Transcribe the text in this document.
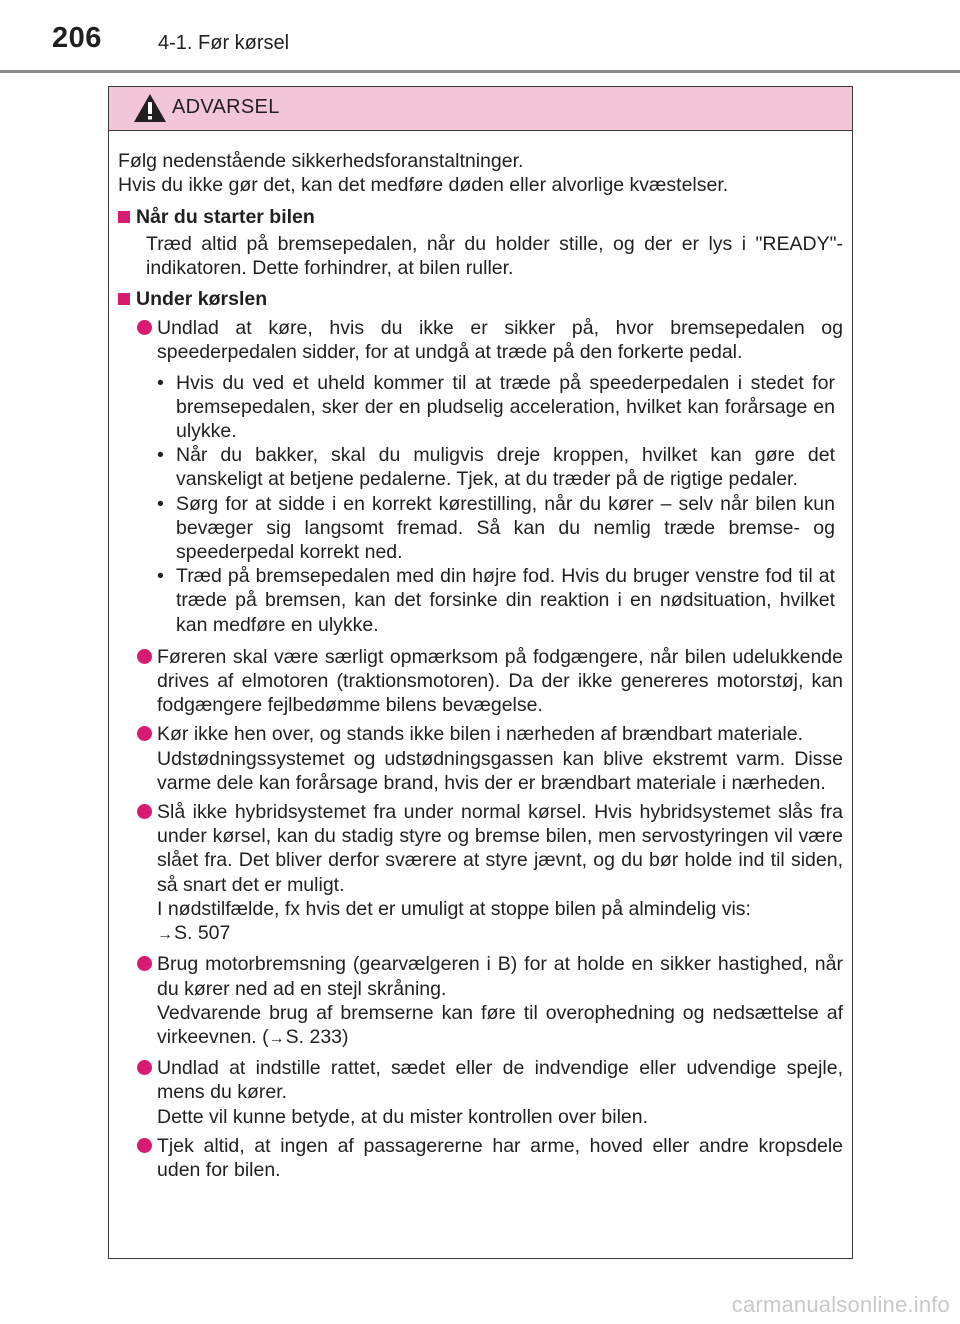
206	4-1. Før kørsel
ADVARSEL

Følg nedenstående sikkerhedsforanstaltninger.

Hvis du ikke gør det, kan det medføre døden eller alvorlige kvæstelser.

Når du starter bilen

Træd altid på bremsepedalen, når du holder stille, og der er lys i "READY"-indikatoren. Dette forhindrer, at bilen ruller.

Under kørslen

Undlad at køre, hvis du ikke er sikker på, hvor bremsepedalen og speederpedalen sidder, for at undgå at træde på den forkerte pedal.

• Hvis du ved et uheld kommer til at træde på speederpedalen i stedet for bremsepedalen, sker der en pludselig acceleration, hvilket kan forårsage en ulykke.
• Når du bakker, skal du muligvis dreje kroppen, hvilket kan gøre det vanskeligt at betjene pedalerne. Tjek, at du træder på de rigtige pedaler.
• Sørg for at sidde i en korrekt kørestilling, når du kører – selv når bilen kun bevæger sig langsomt fremad. Så kan du nemlig træde bremse- og speederpedal korrekt ned.
• Træd på bremsepedalen med din højre fod. Hvis du bruger venstre fod til at træde på bremsen, kan det forsinke din reaktion i en nødsituation, hvilket kan medføre en ulykke.

Føreren skal være særligt opmærksom på fodgængere, når bilen udelukkende drives af elmotoren (traktionsmotoren). Da der ikke genereres motorstøj, kan fodgængere fejlbedømme bilens bevægelse.

Kør ikke hen over, og stands ikke bilen i nærheden af brændbart materiale.

Udstødningssystemet og udstødningsgassen kan blive ekstremt varm. Disse varme dele kan forårsage brand, hvis der er brændbart materiale i nærheden.

Slå ikke hybridsystemet fra under normal kørsel. Hvis hybridsystemet slås fra under kørsel, kan du stadig styre og bremse bilen, men servostyringen vil være slået fra. Det bliver derfor sværere at styre jævnt, og du bør holde ind til siden, så snart det er muligt.

I nødstilfælde, fx hvis det er umuligt at stoppe bilen på almindelig vis:

→S. 507

Brug motorbremsning (gearvælgeren i B) for at holde en sikker hastighed, når du kører ned ad en stejl skråning.

Vedvarende brug af bremserne kan føre til overophedning og nedsættelse af virkeevnen. (→S. 233)

Undlad at indstille rattet, sædet eller de indvendige eller udvendige spejle, mens du kører.

Dette vil kunne betyde, at du mister kontrollen over bilen.

Tjek altid, at ingen af passagererne har arme, hoved eller andre kropsdele uden for bilen.

carmanualsonline.info
